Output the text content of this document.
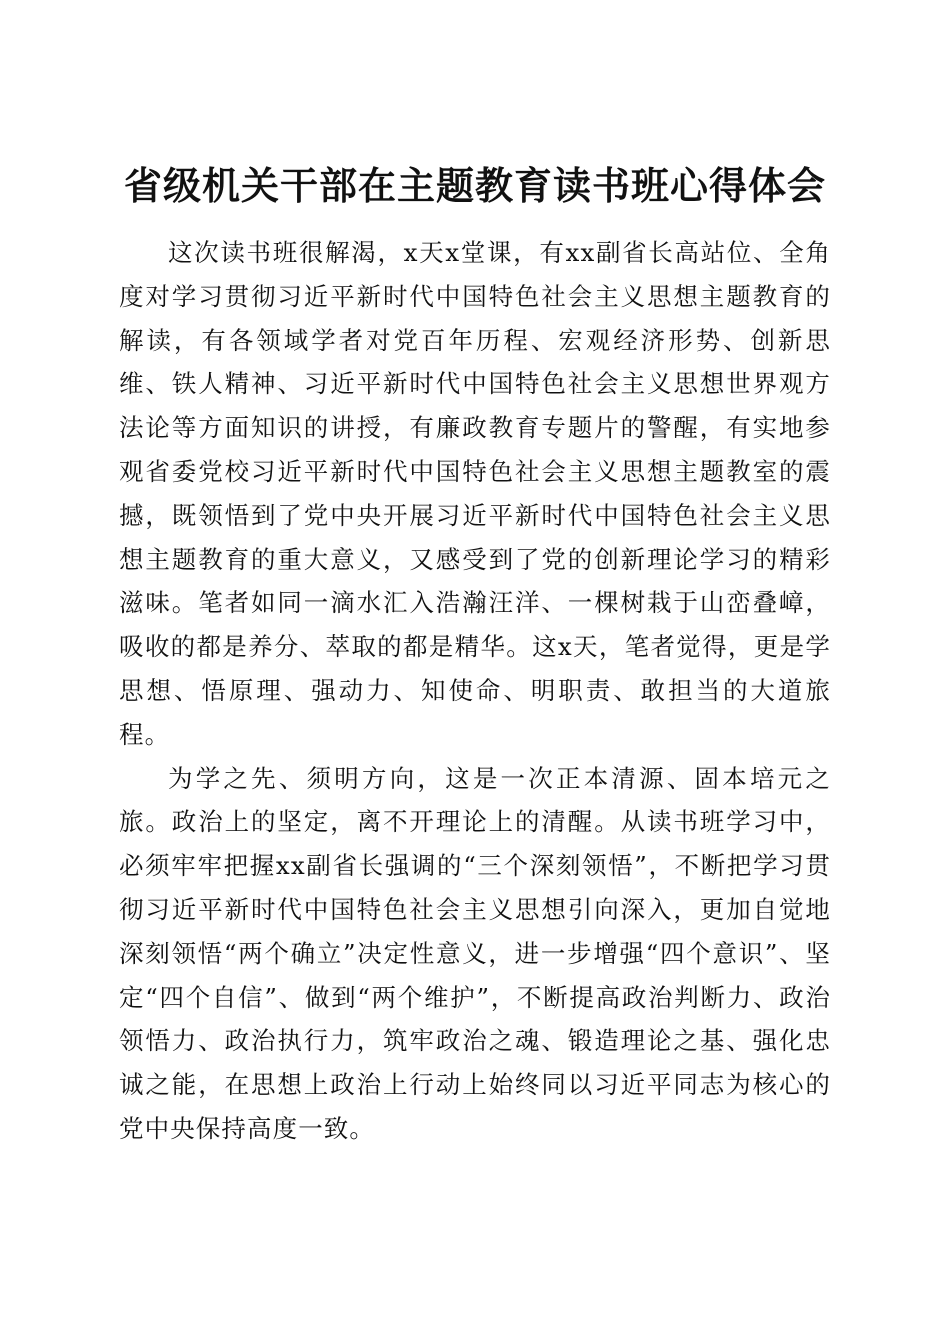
省级机关干部在主题教育读书班心得体会

这次读书班很解渴，x天x堂课，有xx副省长高站位、全角度对学习贯彻习近平新时代中国特色社会主义思想主题教育的解读，有各领域学者对党百年历程、宏观经济形势、创新思维、铁人精神、习近平新时代中国特色社会主义思想世界观方法论等方面知识的讲授，有廉政教育专题片的警醒，有实地参观省委党校习近平新时代中国特色社会主义思想主题教室的震撼，既领悟到了党中央开展习近平新时代中国特色社会主义思想主题教育的重大意义，又感受到了党的创新理论学习的精彩滋味。笔者如同一滴水汇入浩瀚汪洋、一棵树栽于山峦叠嶂，吸收的都是养分、萃取的都是精华。这x天，笔者觉得，更是学思想、悟原理、强动力、知使命、明职责、敢担当的大道旅程。

为学之先、须明方向，这是一次正本清源、固本培元之旅。政治上的坚定，离不开理论上的清醒。从读书班学习中，必须牢牢把握xx副省长强调的“三个深刻领悟”，不断把学习贯彻习近平新时代中国特色社会主义思想引向深入，更加自觉地深刻领悟“两个确立”决定性意义，进一步增强“四个意识”、坚定“四个自信”、做到“两个维护”，不断提高政治判断力、政治领悟力、政治执行力，筑牢政治之魂、锻造理论之基、强化忠诚之能，在思想上政治上行动上始终同以习近平同志为核心的党中央保持高度一致。
